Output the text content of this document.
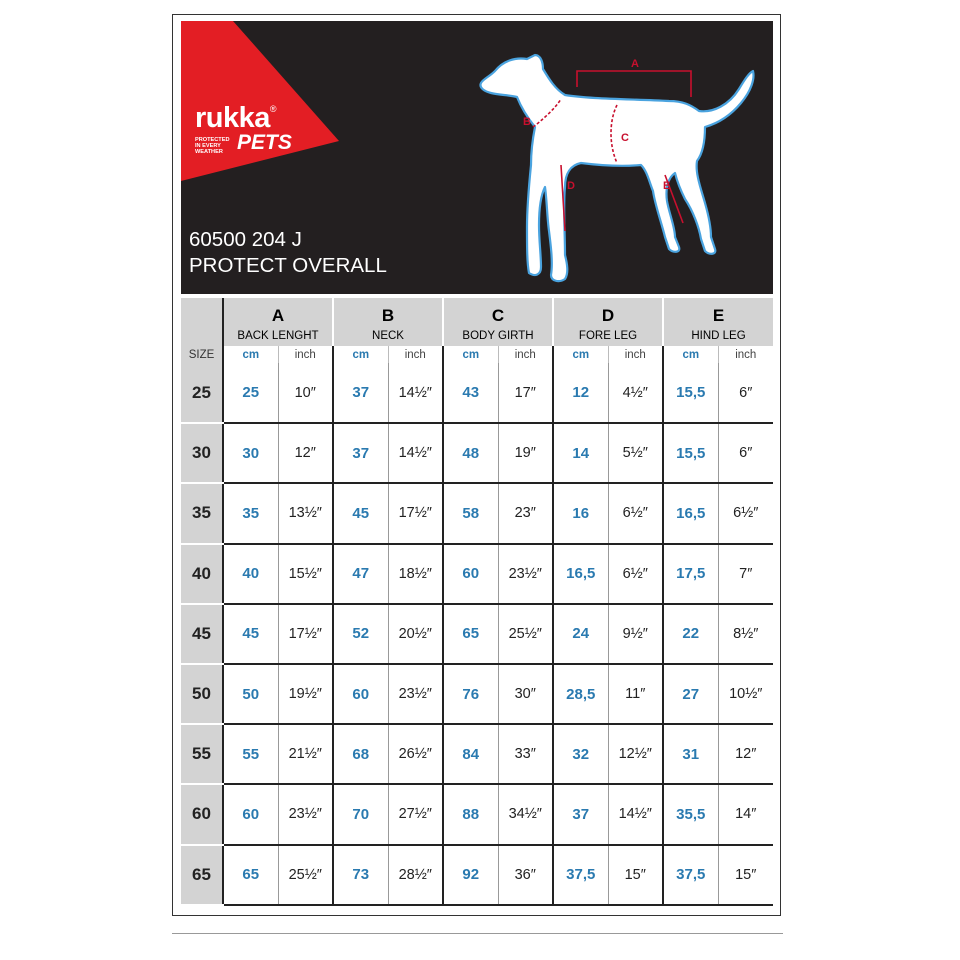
rukka®
PROTECTED
IN EVERY
WEATHER PETS
60500 204 J
PROTECT OVERALL
A
B
C
D	E
	A		B		C		D		E	
	BACK LENGHT		NECK		BODY GIRTH		FORE LEG		HIND LEG	
SIZE	cm	inch	cm	inch	cm	inch	cm	inch	cm	inch
25	25	10″	37	14½″	43	17″	12	4½″	15,5	6″
30	30	12″	37	14½″	48	19″	14	5½″	15,5	6″
35	35	13½″	45	17½″	58	23″	16	6½″	16,5	6½″
40	40	15½″	47	18½″	60	23½″	16,5	6½″	17,5	7″
45	45	17½″	52	20½″	65	25½″	24	9½″	22	8½″
50	50	19½″	60	23½″	76	30″	28,5	11″	27	10½″
55	55	21½″	68	26½″	84	33″	32	12½″	31	12″
60	60	23½″	70	27½″	88	34½″	37	14½″	35,5	14″
65	65	25½″	73	28½″	92	36″	37,5	15″	37,5	15″
